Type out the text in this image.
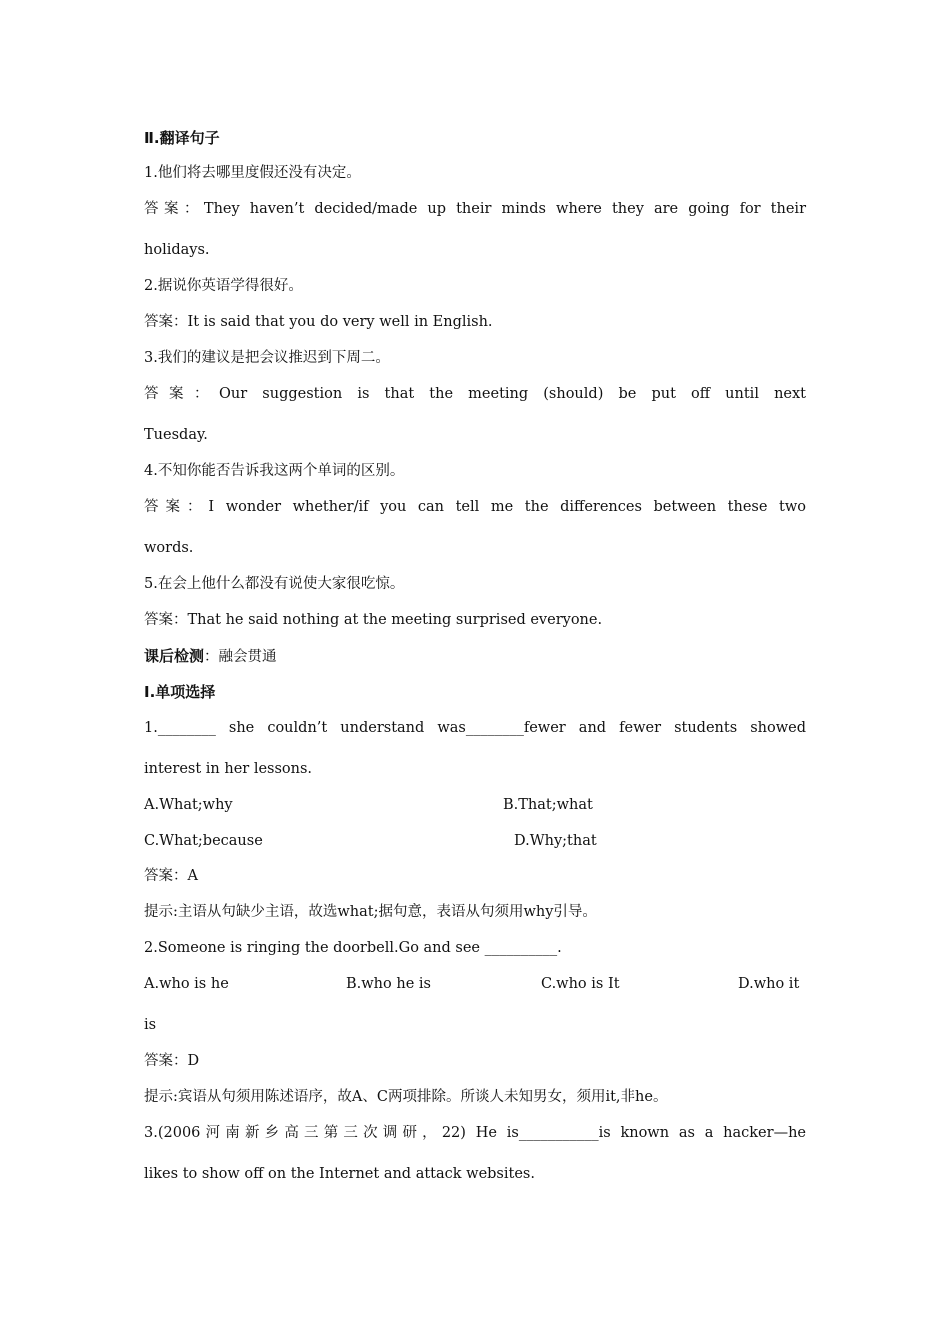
Ⅱ.翻译句子
1.他们将去哪里度假还没有决定。
答案：They haven’t decided/made up their minds where they are going for their
holidays.
2.据说你英语学得很好。
答案：It is said that you do very well in English.
3.我们的建议是把会议推迟到下周二。
答案：Our suggestion is that the meeting (should) be put off until next
Tuesday.
4.不知你能否告诉我这两个单词的区别。
答案：I wonder whether/if you can tell me the differences between these two
words.
5.在会上他什么都没有说使大家很吃惊。
答案：That he said nothing at the meeting surprised everyone.
课后检测：融会贯通
Ⅰ.单项选择
1.________ she couldn’t understand was________fewer and fewer students showed
interest in her lessons.
A.What;why	B.That;what
C.What;because	D.Why;that
答案：A
提示:主语从句缺少主语，故选what;据句意，表语从句须用why引导。
2.Someone is ringing the doorbell.Go and see __________.
A.who is he	B.who he is	C.who is It	D.who it
is
答案：D
提示:宾语从句须用陈述语序，故A、C两项排除。所谈人未知男女，须用it,非he。
3.(2006河南新乡高三第三次调研，22) He is___________is known as a hacker—he
likes to show off on the Internet and attack websites.
